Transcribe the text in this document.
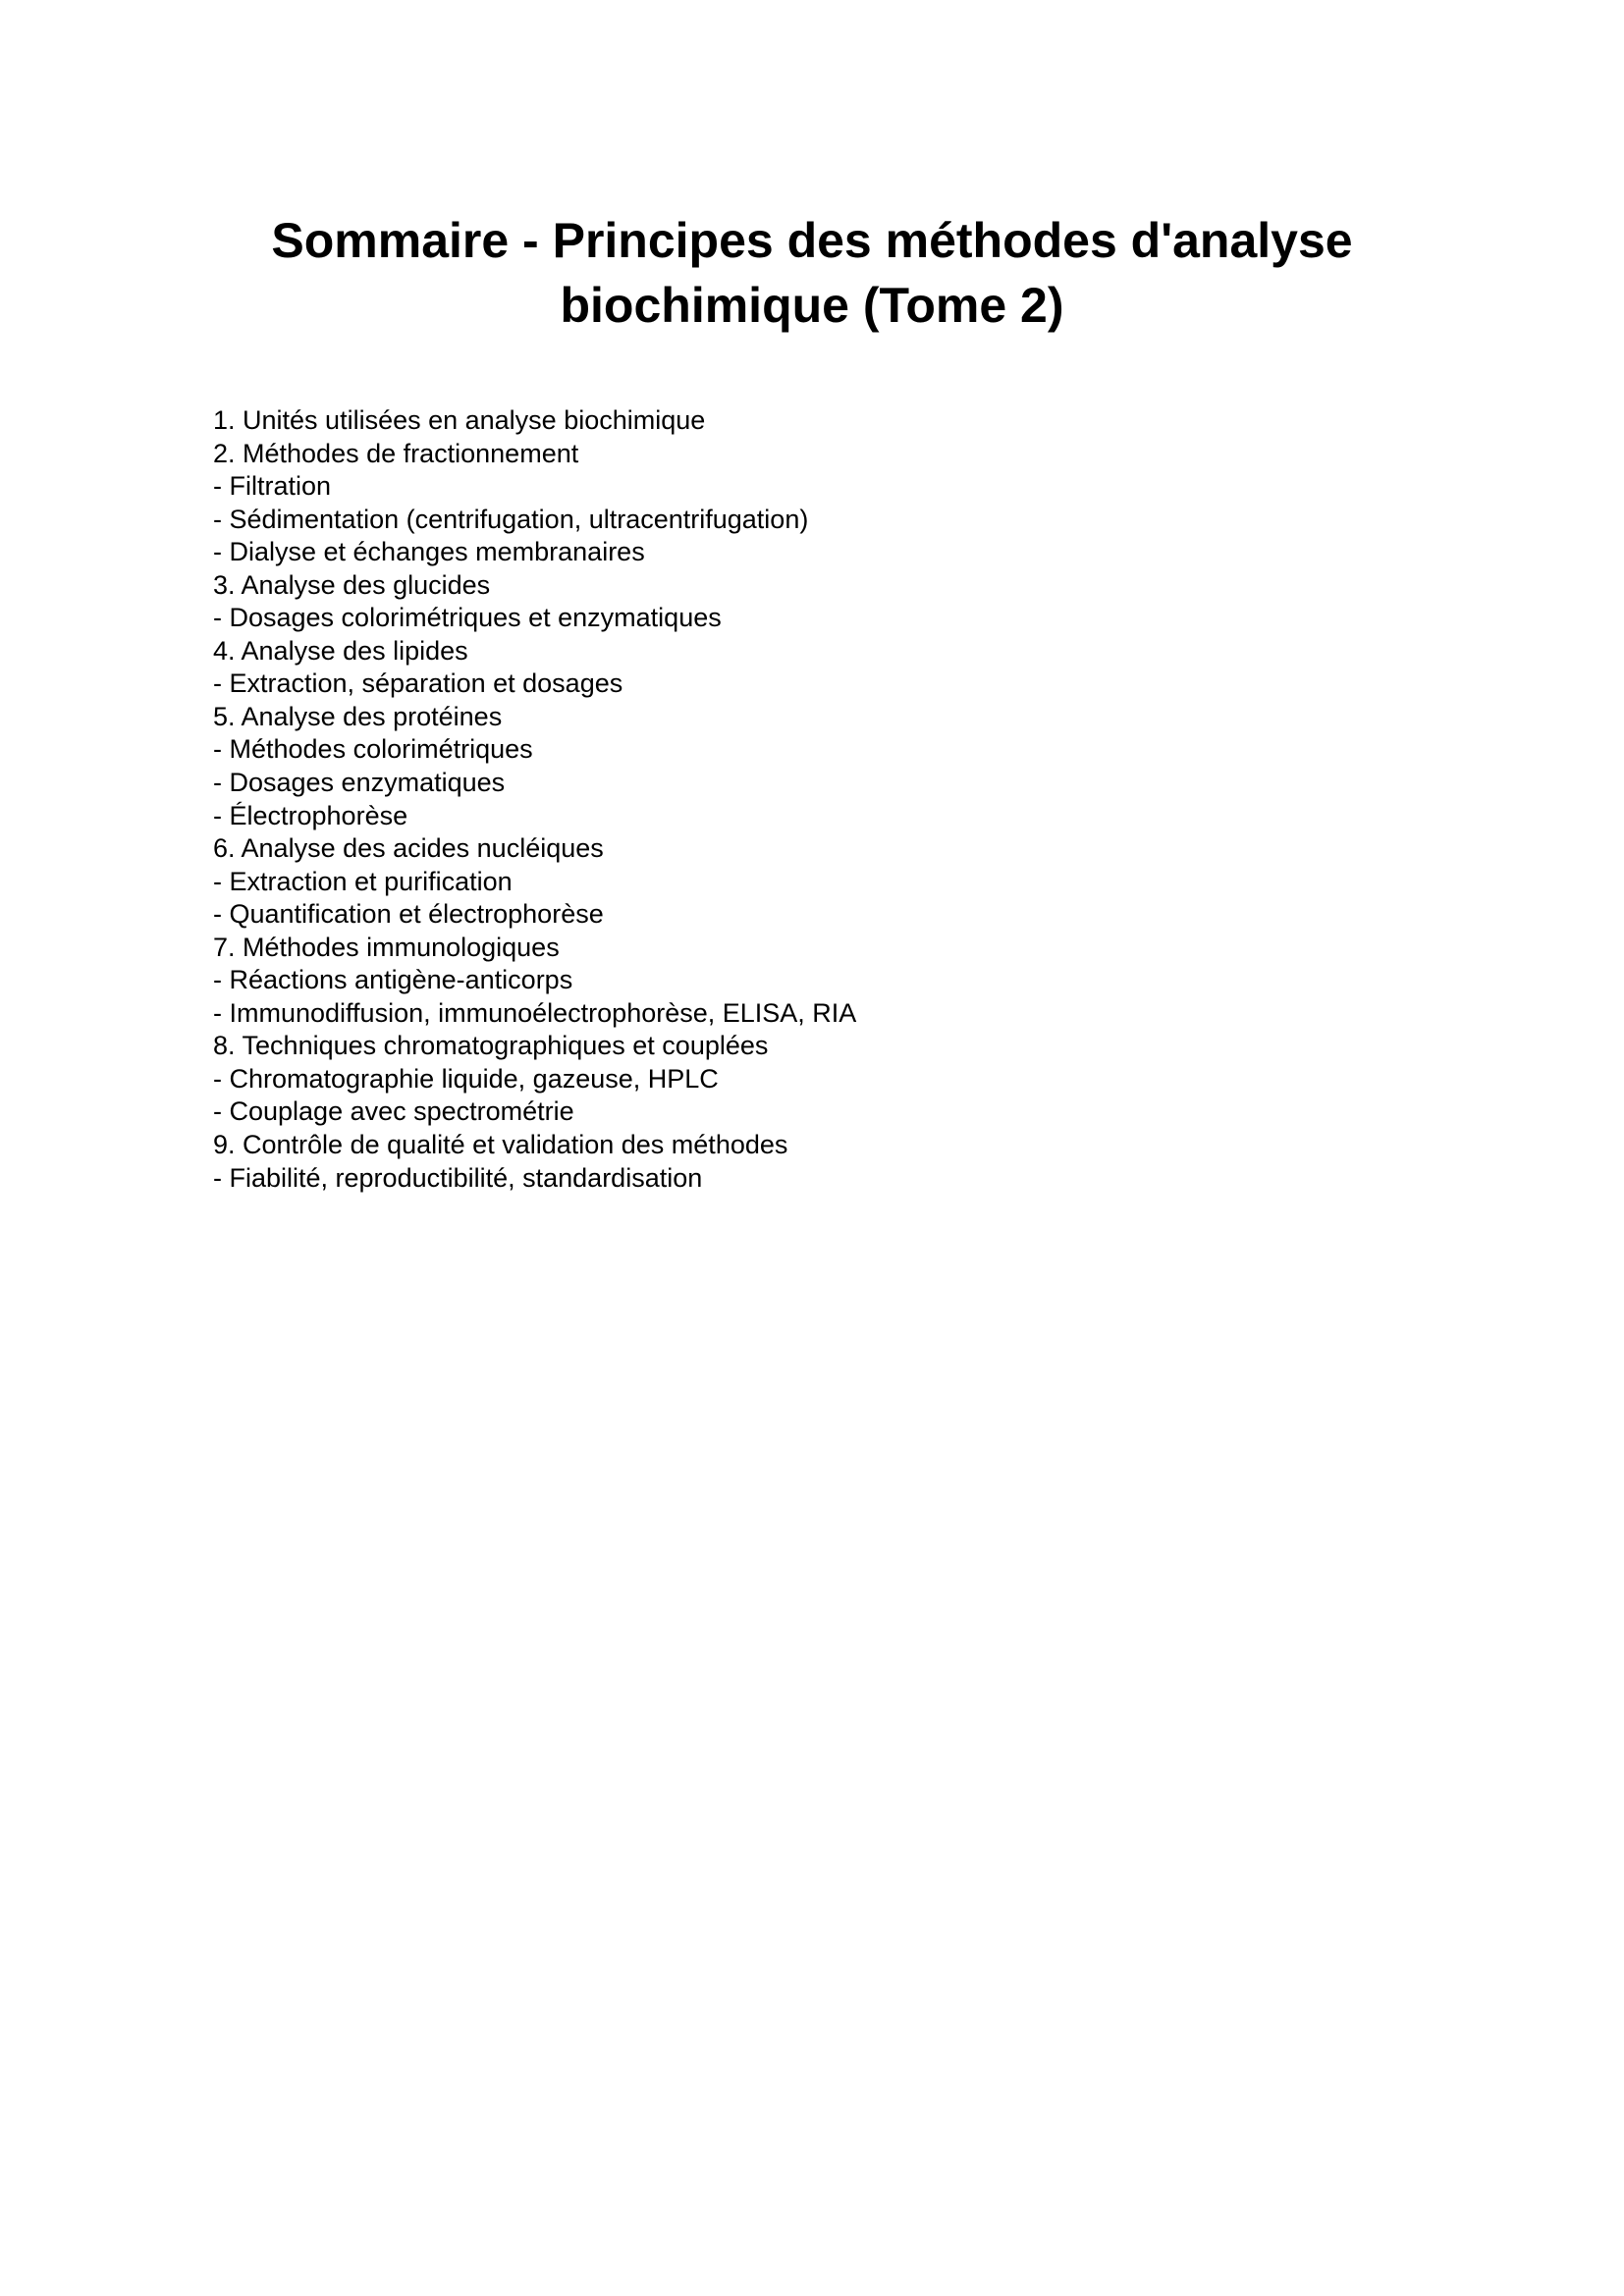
Sommaire - Principes des méthodes d'analyse
biochimique (Tome 2)
1. Unités utilisées en analyse biochimique
2. Méthodes de fractionnement
- Filtration
- Sédimentation (centrifugation, ultracentrifugation)
- Dialyse et échanges membranaires
3. Analyse des glucides
- Dosages colorimétriques et enzymatiques
4. Analyse des lipides
- Extraction, séparation et dosages
5. Analyse des protéines
- Méthodes colorimétriques
- Dosages enzymatiques
- Électrophorèse
6. Analyse des acides nucléiques
- Extraction et purification
- Quantification et électrophorèse
7. Méthodes immunologiques
- Réactions antigène-anticorps
- Immunodiffusion, immunoélectrophorèse, ELISA, RIA
8. Techniques chromatographiques et couplées
- Chromatographie liquide, gazeuse, HPLC
- Couplage avec spectrométrie
9. Contrôle de qualité et validation des méthodes
- Fiabilité, reproductibilité, standardisation
